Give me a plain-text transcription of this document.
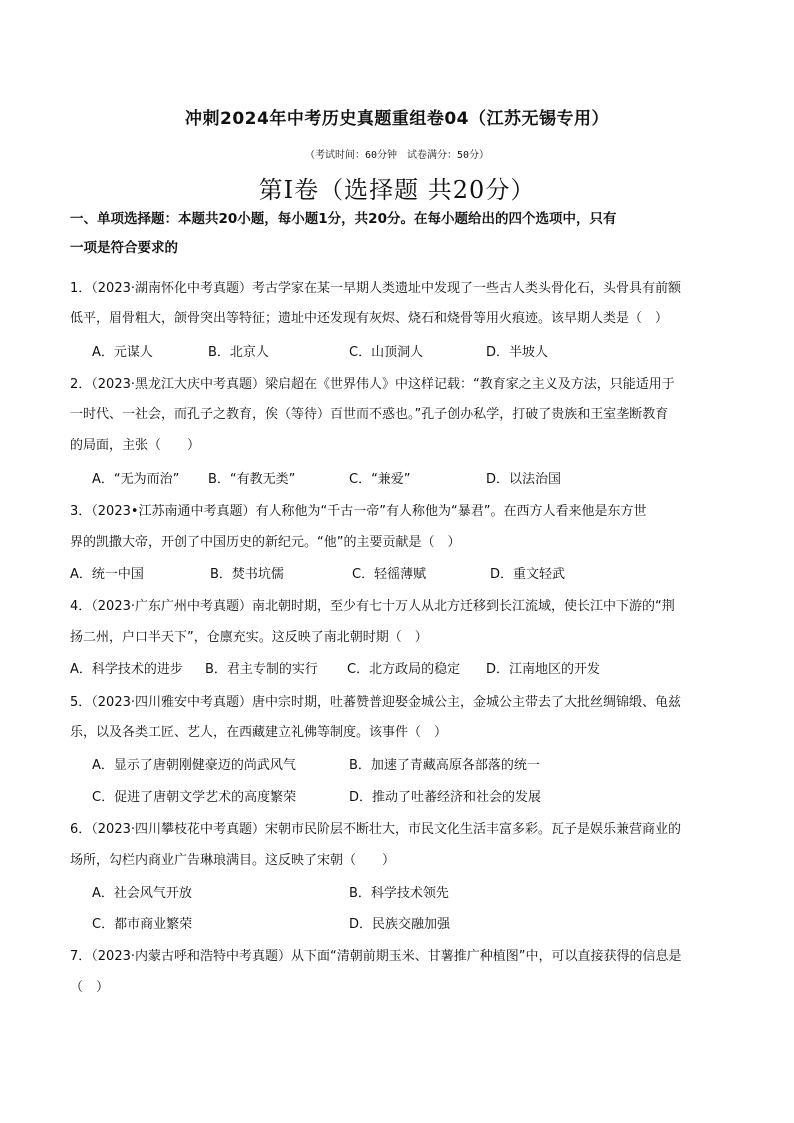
冲刺2024年中考历史真题重组卷04（江苏无锡专用）
（考试时间：60分钟　试卷满分：50分）
第Ⅰ卷（选择题 共20分）
一、单项选择题：本题共20小题，每小题1分，共20分。在每小题给出的四个选项中，只有
一项是符合要求的
1．（2023·湖南怀化中考真题）考古学家在某一早期人类遗址中发现了一些古人类头骨化石，头骨具有前额
低平，眉骨粗大，颌骨突出等特征；遗址中还发现有灰烬、烧石和烧骨等用火痕迹。该早期人类是（　）
A．元谋人	B．北京人	C．山顶洞人	D．半坡人
2．（2023·黑龙江大庆中考真题）梁启超在《世界伟人》中这样记载：“教育家之主义及方法，只能适用于
一时代、一社会，而孔子之教育，俟（等待）百世而不惑也。”孔子创办私学，打破了贵族和王室垄断教育
的局面，主张（　　）
A．“无为而治” B．“有教无类”	C．“兼爱”	D．以法治国
3．（2023•江苏南通中考真题）有人称他为“千古一帝”有人称他为“暴君”。在西方人看来他是东方世
界的凯撒大帝，开创了中国历史的新纪元。“他”的主要贡献是（　）
A．统一中国	B．焚书坑儒	C．轻徭薄赋	D．重文轻武
4．（2023·广东广州中考真题）南北朝时期，至少有七十万人从北方迁移到长江流域，使长江中下游的“荆
扬二州，户口半天下”，仓廪充实。这反映了南北朝时期（　）
A．科学技术的进步 B．君主专制的实行 C．北方政局的稳定 D．江南地区的开发
5．（2023·四川雅安中考真题）唐中宗时期，吐蕃赞普迎娶金城公主，金城公主带去了大批丝绸锦缎、龟兹
乐，以及各类工匠、艺人，在西藏建立礼佛等制度。该事件（　）
A．显示了唐朝刚健豪迈的尚武风气	B．加速了青藏高原各部落的统一
C．促进了唐朝文学艺术的高度繁荣	D．推动了吐蕃经济和社会的发展
6．（2023·四川攀枝花中考真题）宋朝市民阶层不断壮大，市民文化生活丰富多彩。瓦子是娱乐兼营商业的
场所，勾栏内商业广告琳琅满目。这反映了宋朝（　　）
A．社会风气开放	B．科学技术领先
C．都市商业繁荣	D．民族交融加强
7．（2023·内蒙古呼和浩特中考真题）从下面“清朝前期玉米、甘薯推广种植图”中，可以直接获得的信息是
（　）
